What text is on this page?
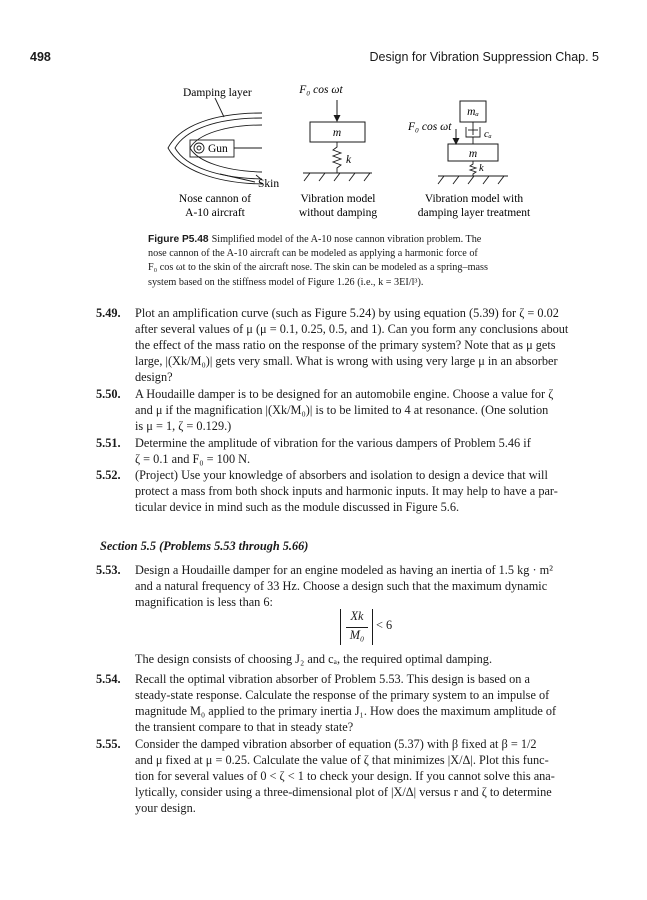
498	Design for Vibration Suppression Chap. 5
Damping layer
Gun
Skin
Nose cannon of
A-10 aircraft
F₀ cos ωt
m
k
Vibration model
without damping
mₐ
cₐ
F₀ cos ωt
m
k
Vibration model with
damping layer treatment
Figure P5.48 Simplified model of the A-10 nose cannon vibration problem. The
nose cannon of the A-10 aircraft can be modeled as applying a harmonic force of
F₀ cos ωt to the skin of the aircraft nose. The skin can be modeled as a spring–mass
system based on the stiffness model of Figure 1.26 (i.e., k = 3EI/l³).
5.49. Plot an amplification curve (such as Figure 5.24) by using equation (5.39) for ζ = 0.02
after several values of μ (μ = 0.1, 0.25, 0.5, and 1). Can you form any conclusions about
the effect of the mass ratio on the response of the primary system? Note that as μ gets
large, |(Xk/M₀)| gets very small. What is wrong with using very large μ in an absorber
design?
5.50. A Houdaille damper is to be designed for an automobile engine. Choose a value for ζ
and μ if the magnification |(Xk/M₀)| is to be limited to 4 at resonance. (One solution
is μ = 1, ζ = 0.129.)
5.51. Determine the amplitude of vibration for the various dampers of Problem 5.46 if
ζ = 0.1 and F₀ = 100 N.
5.52. (Project) Use your knowledge of absorbers and isolation to design a device that will
protect a mass from both shock inputs and harmonic inputs. It may help to have a par-
ticular device in mind such as the module discussed in Figure 5.6.
Section 5.5 (Problems 5.53 through 5.66)
5.53. Design a Houdaille damper for an engine modeled as having an inertia of 1.5 kg · m²
and a natural frequency of 33 Hz. Choose a design such that the maximum dynamic
magnification is less than 6:
Xk
M₀
< 6
The design consists of choosing J₂ and cₐ, the required optimal damping.
5.54. Recall the optimal vibration absorber of Problem 5.53. This design is based on a
steady-state response. Calculate the response of the primary system to an impulse of
magnitude M₀ applied to the primary inertia J₁. How does the maximum amplitude of
the transient compare to that in steady state?
5.55. Consider the damped vibration absorber of equation (5.37) with β fixed at β = 1/2
and μ fixed at μ = 0.25. Calculate the value of ζ that minimizes |X/Δ|. Plot this func-
tion for several values of 0 < ζ < 1 to check your design. If you cannot solve this ana-
lytically, consider using a three-dimensional plot of |X/Δ| versus r and ζ to determine
your design.
